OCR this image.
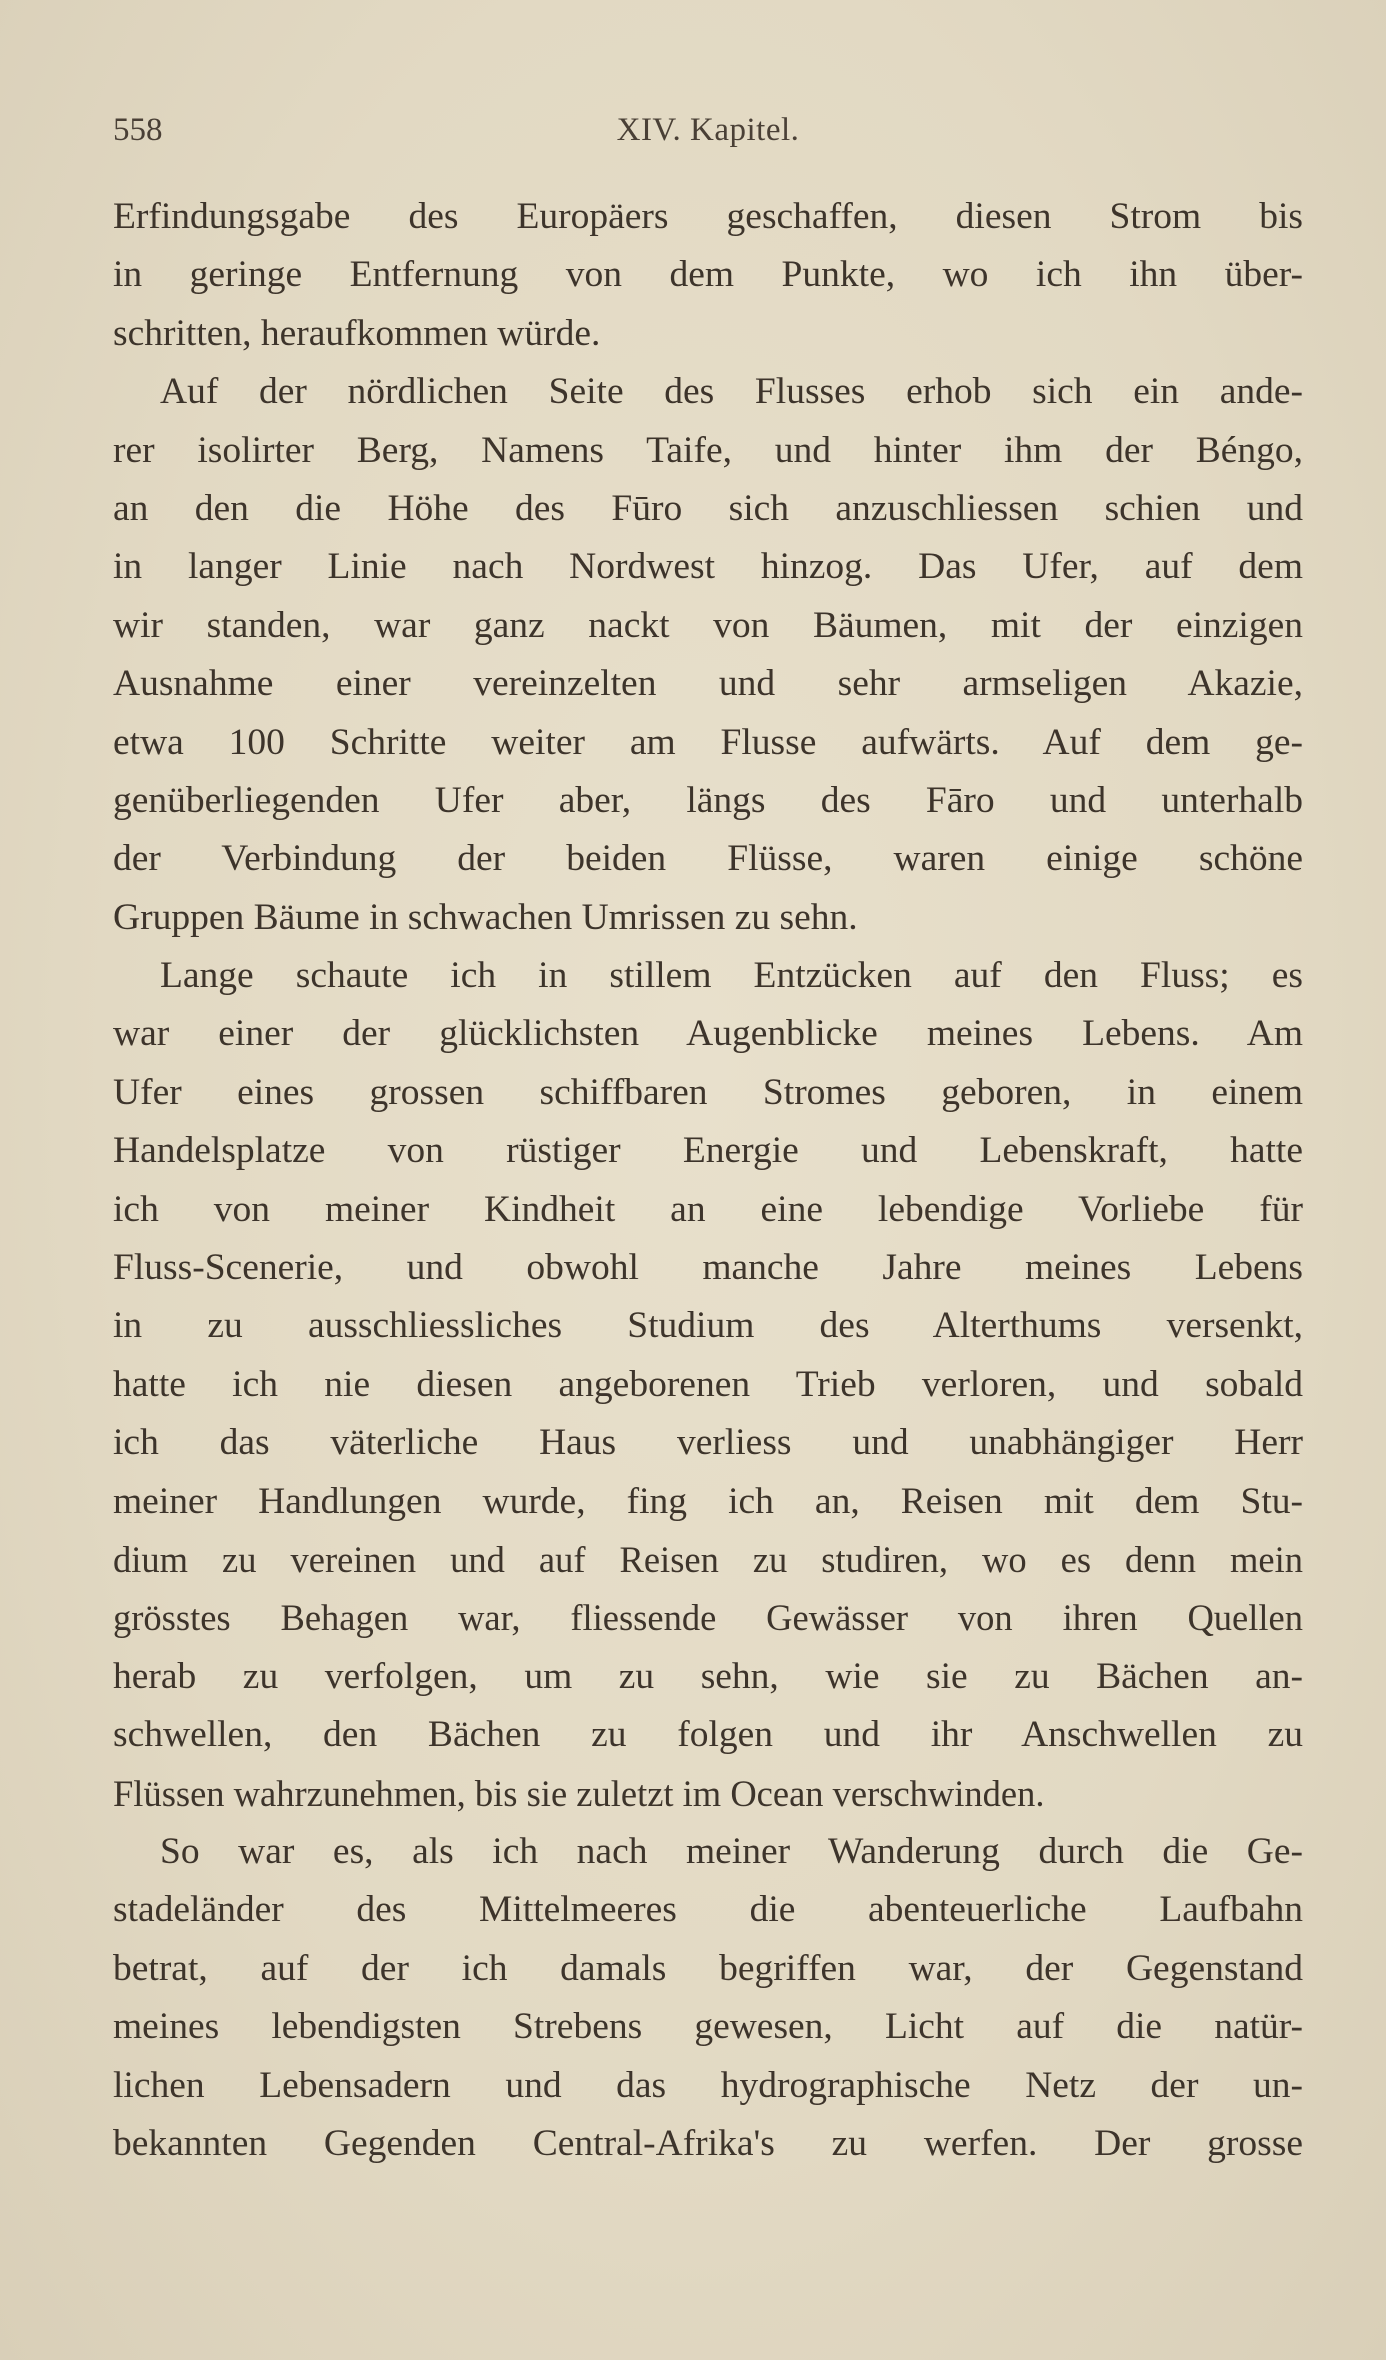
558	XIV. Kapitel.
Erfindungsgabe des Europäers geschaffen, diesen Strom bis
in geringe Entfernung von dem Punkte, wo ich ihn über-
schritten, heraufkommen würde.
Auf der nördlichen Seite des Flusses erhob sich ein ande-
rer isolirter Berg, Namens Taife, und hinter ihm der Béngo,
an den die Höhe des Fūro sich anzuschliessen schien und
in langer Linie nach Nordwest hinzog. Das Ufer, auf dem
wir standen, war ganz nackt von Bäumen, mit der einzigen
Ausnahme einer vereinzelten und sehr armseligen Akazie,
etwa 100 Schritte weiter am Flusse aufwärts. Auf dem ge-
genüberliegenden Ufer aber, längs des Fāro und unterhalb
der Verbindung der beiden Flüsse, waren einige schöne
Gruppen Bäume in schwachen Umrissen zu sehn.
Lange schaute ich in stillem Entzücken auf den Fluss; es
war einer der glücklichsten Augenblicke meines Lebens. Am
Ufer eines grossen schiffbaren Stromes geboren, in einem
Handelsplatze von rüstiger Energie und Lebenskraft, hatte
ich von meiner Kindheit an eine lebendige Vorliebe für
Fluss-Scenerie, und obwohl manche Jahre meines Lebens
in zu ausschliessliches Studium des Alterthums versenkt,
hatte ich nie diesen angeborenen Trieb verloren, und sobald
ich das väterliche Haus verliess und unabhängiger Herr
meiner Handlungen wurde, fing ich an, Reisen mit dem Stu-
dium zu vereinen und auf Reisen zu studiren, wo es denn mein
grösstes Behagen war, fliessende Gewässer von ihren Quellen
herab zu verfolgen, um zu sehn, wie sie zu Bächen an-
schwellen, den Bächen zu folgen und ihr Anschwellen zu
Flüssen wahrzunehmen, bis sie zuletzt im Ocean verschwinden.
So war es, als ich nach meiner Wanderung durch die Ge-
stadeländer des Mittelmeeres die abenteuerliche Laufbahn
betrat, auf der ich damals begriffen war, der Gegenstand
meines lebendigsten Strebens gewesen, Licht auf die natür-
lichen Lebensadern und das hydrographische Netz der un-
bekannten Gegenden Central-Afrika's zu werfen. Der grosse
